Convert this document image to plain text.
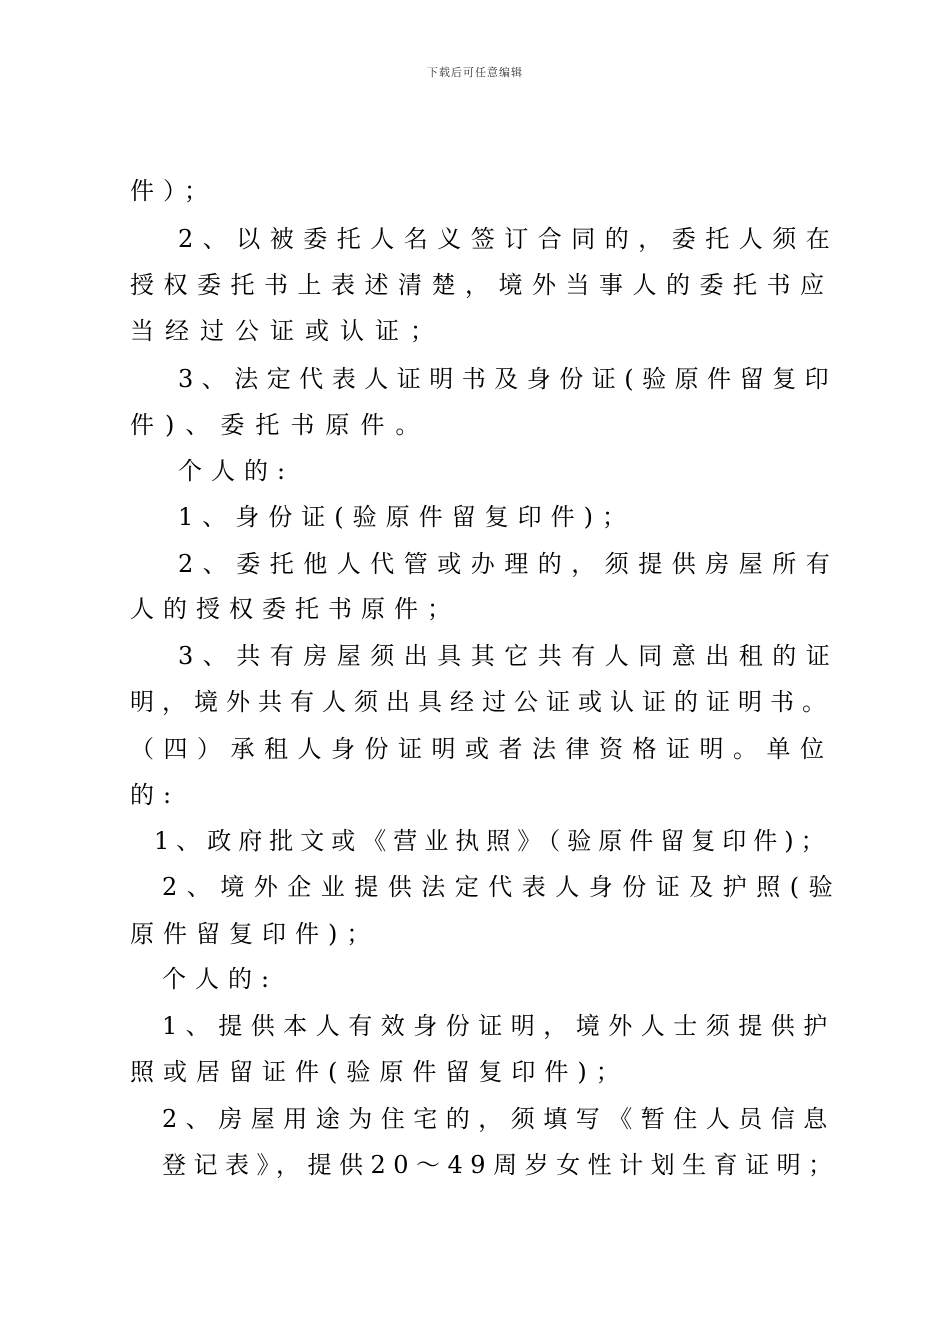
下载后可任意编辑
件）；
2、以被委托人名义签订合同的，委托人须在
授权委托书上表述清楚，境外当事人的委托书应
当经过公证或认证；
3、法定代表人证明书及身份证(验原件留复印
件)、委托书原件。
个人的:
1、身份证(验原件留复印件)；
2、委托他人代管或办理的，须提供房屋所有
人的授权委托书原件；
3、共有房屋须出具其它共有人同意出租的证
明，境外共有人须出具经过公证或认证的证明书。
（四）承租人身份证明或者法律资格证明。单位
的:
1、政府批文或《营业执照》（验原件留复印件)；
2、境外企业提供法定代表人身份证及护照(验
原件留复印件)；
个人的:
1、提供本人有效身份证明，境外人士须提供护
照或居留证件(验原件留复印件)；
2、房屋用途为住宅的，须填写《暂住人员信息
登记表》，提供20～49周岁女性计划生育证明；
